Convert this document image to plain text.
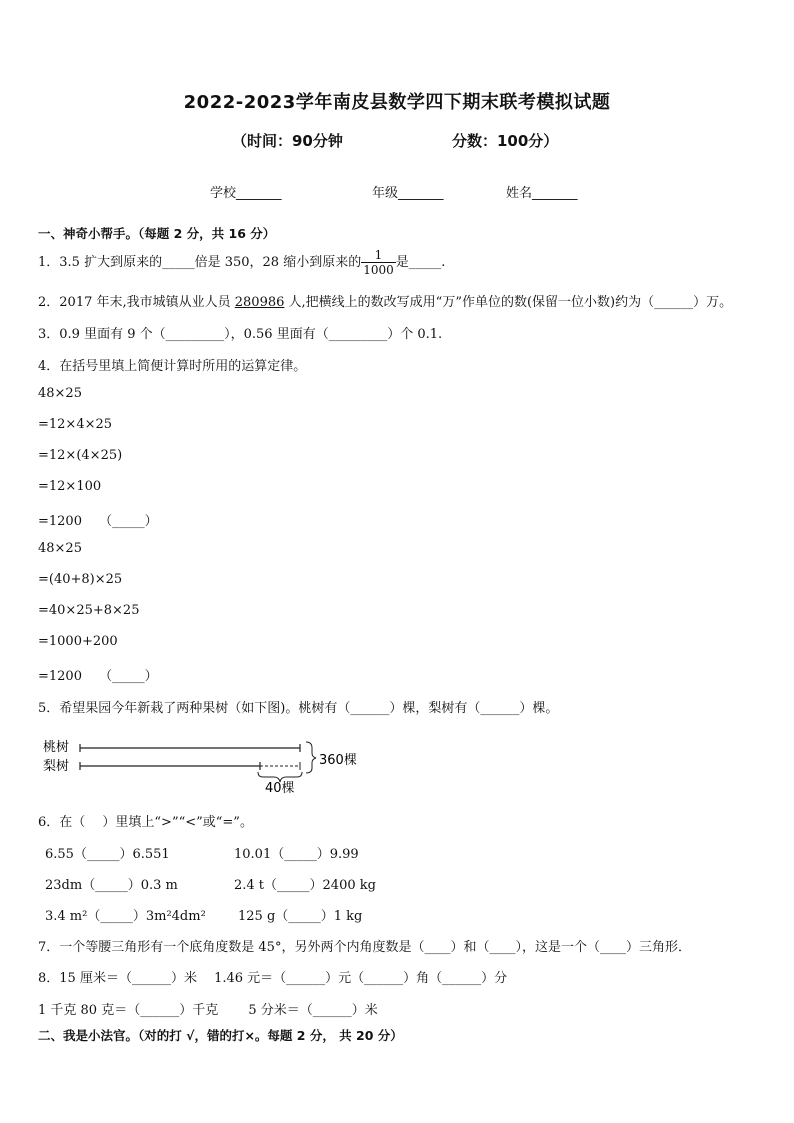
2022-2023学年南皮县数学四下期末联考模拟试题
（时间：90分钟	分数：100分）
学校_______	年级_______	姓名_______
一、神奇小帮手。（每题 2 分，共 16 分）
1．3.5 扩大到原来的_____倍是 350，28 缩小到原来的 $\frac{1}{1000}$ 是_____.
2．2017 年末,我市城镇从业人员 280986 人,把横线上的数改写成用“万”作单位的数(保留一位小数)约为（______）万。
3．0.9 里面有 9 个（_________），0.56 里面有（_________）个 0.1.
4．在括号里填上简便计算时所用的运算定律。
48×25
=12×4×25
=12×(4×25)
=12×100
=1200　 （_____）
48×25
=(40+8)×25
=40×25+8×25
=1000+200
=1200　 （_____）
5．希望果园今年新栽了两种果树（如下图)。桃树有（______）棵，梨树有（______）棵。
桃树
梨树	360棵
40棵
6．在（　 ）里填上“>”“<”或“=”。
6.55（_____）6.551	10.01（_____）9.99
23dm（_____）0.3 m	2.4 t（_____）2400 kg
3.4 m²（_____）3m²4dm² 125 g（_____）1 kg
7．一个等腰三角形有一个底角度数是 45°，另外两个内角度数是（____）和（____），这是一个（____）三角形．
8．15 厘米＝（______）米　 1.46 元＝（______）元（______）角（______）分
1 千克 80 克＝（______）千克　　 5 分米＝（______）米
二、我是小法官。（对的打 √，错的打×。每题 2 分， 共 20 分）
